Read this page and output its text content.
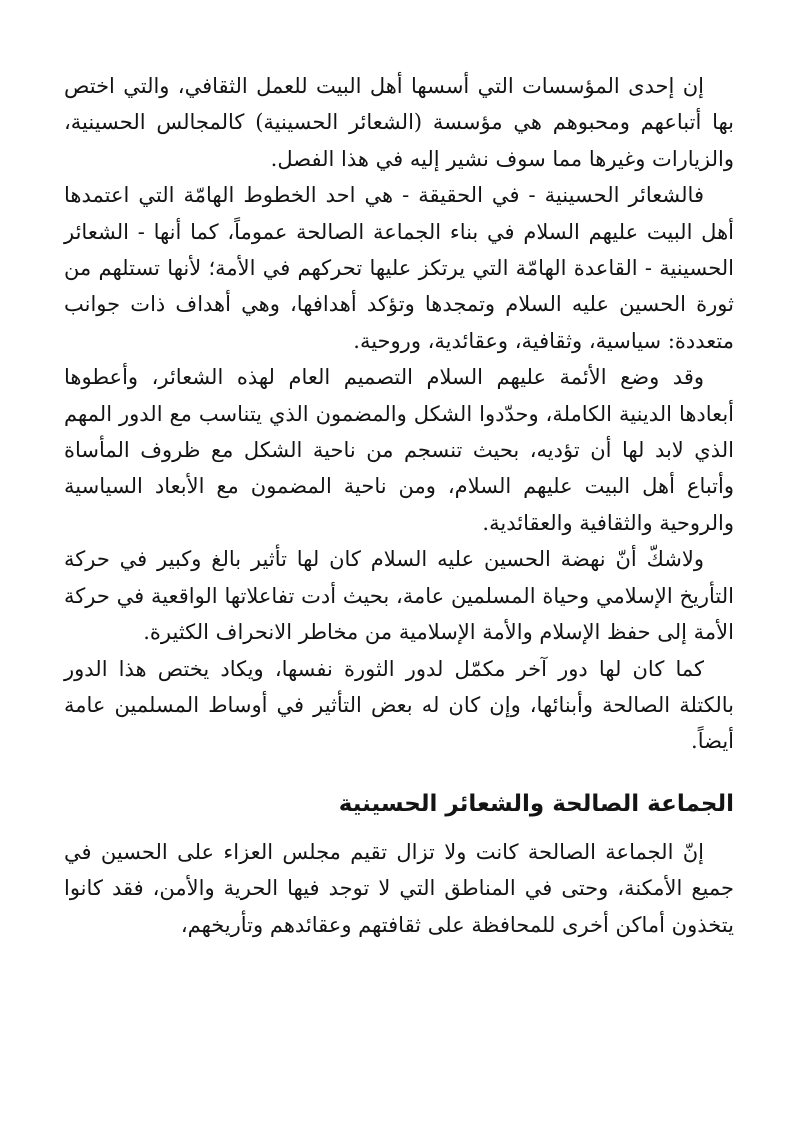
إن إحدى المؤسسات التي أسسها أهل البيت للعمل الثقافي، والتي اختص بها أتباعهم ومحبوهم هي مؤسسة (الشعائر الحسينية) كالمجالس الحسينية، والزيارات وغيرها مما سوف نشير إليه في هذا الفصل.

فالشعائر الحسينية - في الحقيقة - هي احد الخطوط الهامّة التي اعتمدها أهل البيت عليهم السلام في بناء الجماعة الصالحة عموماً، كما أنها - الشعائر الحسينية - القاعدة الهامّة التي يرتكز عليها تحركهم في الأمة؛ لأنها تستلهم من ثورة الحسين عليه السلام وتمجدها وتؤكد أهدافها، وهي أهداف ذات جوانب متعددة: سياسية، وثقافية، وعقائدية، وروحية.

وقد وضع الأئمة عليهم السلام التصميم العام لهذه الشعائر، وأعطوها أبعادها الدينية الكاملة، وحدّدوا الشكل والمضمون الذي يتناسب مع الدور المهم الذي لابد لها أن تؤديه، بحيث تنسجم من ناحية الشكل مع ظروف المأساة وأتباع أهل البيت عليهم السلام، ومن ناحية المضمون مع الأبعاد السياسية والروحية والثقافية والعقائدية.

ولاشكّ أنّ نهضة الحسين عليه السلام كان لها تأثير بالغ وكبير في حركة التأريخ الإسلامي وحياة المسلمين عامة، بحيث أدت تفاعلاتها الواقعية في حركة الأمة إلى حفظ الإسلام والأمة الإسلامية من مخاطر الانحراف الكثيرة.

كما كان لها دور آخر مكمّل لدور الثورة نفسها، ويكاد يختص هذا الدور بالكتلة الصالحة وأبنائها، وإن كان له بعض التأثير في أوساط المسلمين عامة أيضاً.

الجماعة الصالحة والشعائر الحسينية

إنّ الجماعة الصالحة كانت ولا تزال تقيم مجلس العزاء على الحسين في جميع الأمكنة، وحتى في المناطق التي لا توجد فيها الحرية والأمن، فقد كانوا يتخذون أماكن أخرى للمحافظة على ثقافتهم وعقائدهم وتأريخهم،
